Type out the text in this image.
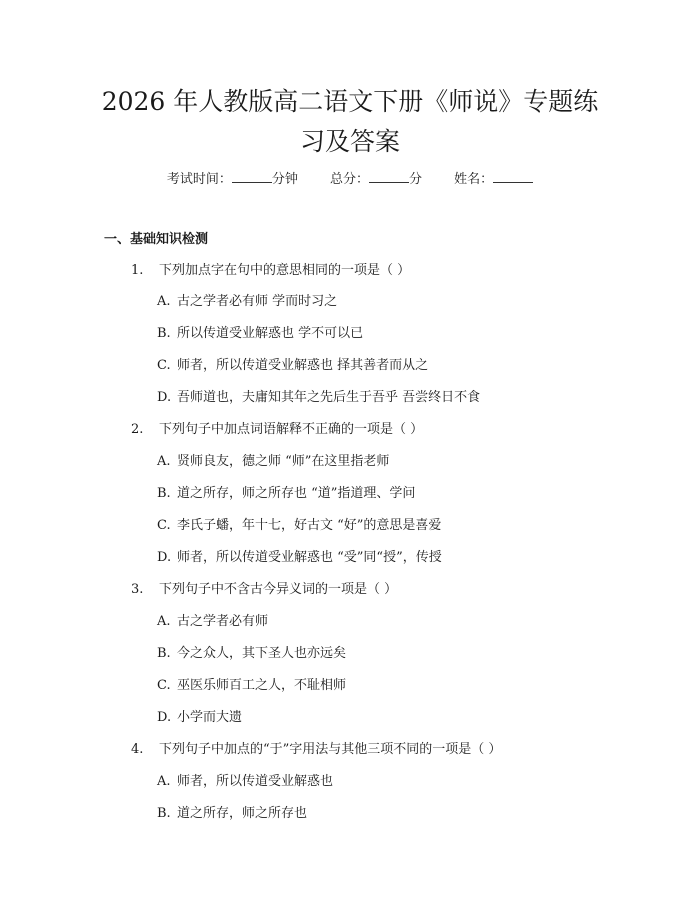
2026 年人教版高二语文下册《师说》专题练
习及答案
考试时间：	分钟 总分：	分 姓名：
一、基础知识检测
1. 下列加点字在句中的意思相同的一项是（ ）
A. 古之学者必有师 学而时习之
B. 所以传道受业解惑也 学不可以已
C. 师者，所以传道受业解惑也 择其善者而从之
D. 吾师道也，夫庸知其年之先后生于吾乎 吾尝终日不食
2. 下列句子中加点词语解释不正确的一项是（ ）
A. 贤师良友，德之师 “师”在这里指老师
B. 道之所存，师之所存也 “道”指道理、学问
C. 李氏子蟠，年十七，好古文 “好”的意思是喜爱
D. 师者，所以传道受业解惑也 “受”同“授”，传授
3. 下列句子中不含古今异义词的一项是（ ）
A. 古之学者必有师
B. 今之众人，其下圣人也亦远矣
C. 巫医乐师百工之人，不耻相师
D. 小学而大遗
4. 下列句子中加点的“于”字用法与其他三项不同的一项是（ ）
A. 师者，所以传道受业解惑也
B. 道之所存，师之所存也
